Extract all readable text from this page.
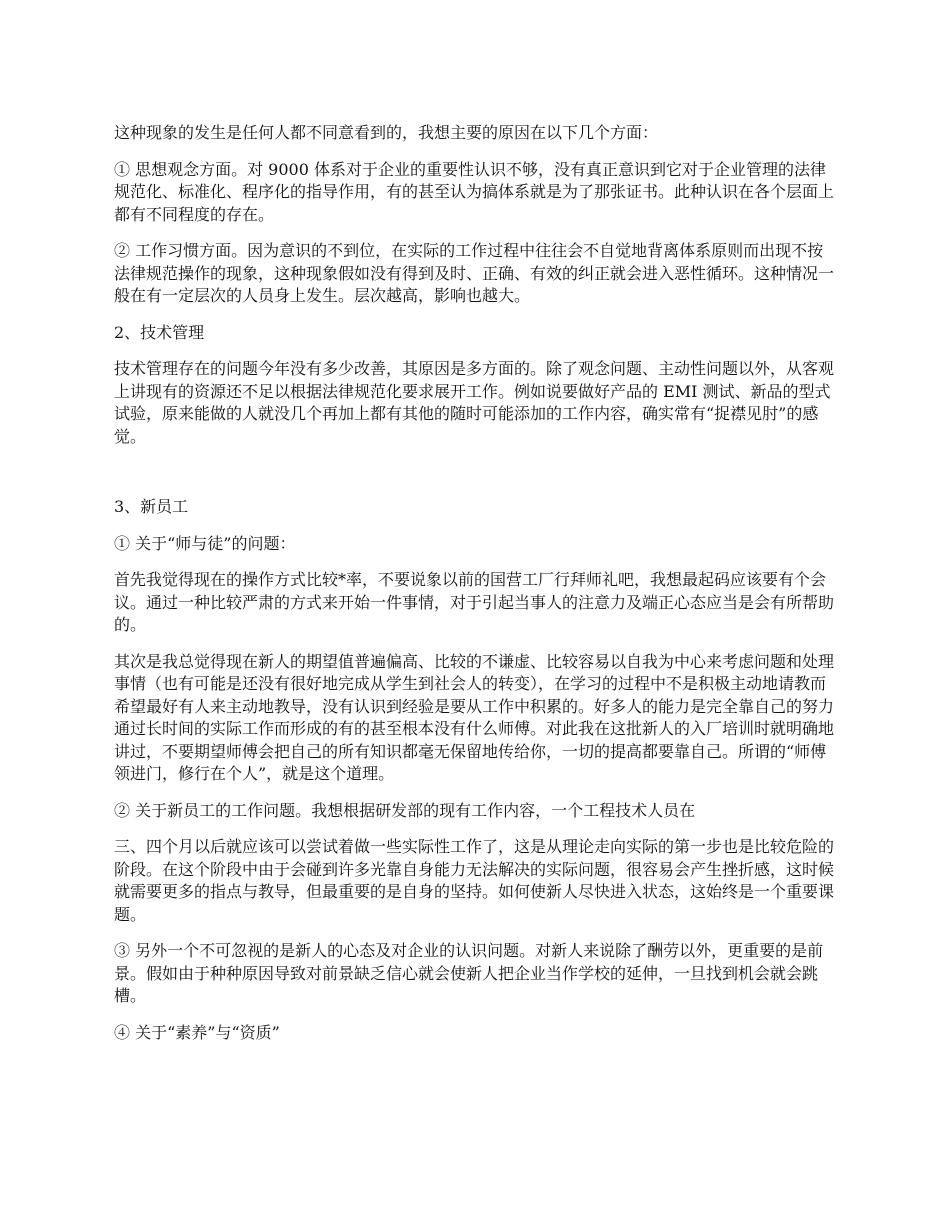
这种现象的发生是任何人都不同意看到的，我想主要的原因在以下几个方面：

① 思想观念方面。对 9000 体系对于企业的重要性认识不够，没有真正意识到它对于企业管理的法律规范化、标准化、程序化的指导作用，有的甚至认为搞体系就是为了那张证书。此种认识在各个层面上都有不同程度的存在。

② 工作习惯方面。因为意识的不到位，在实际的工作过程中往往会不自觉地背离体系原则而出现不按法律规范操作的现象，这种现象假如没有得到及时、正确、有效的纠正就会进入恶性循环。这种情况一般在有一定层次的人员身上发生。层次越高，影响也越大。

2、技术管理

技术管理存在的问题今年没有多少改善，其原因是多方面的。除了观念问题、主动性问题以外，从客观上讲现有的资源还不足以根据法律规范化要求展开工作。例如说要做好产品的 EMI 测试、新品的型式试验，原来能做的人就没几个再加上都有其他的随时可能添加的工作内容，确实常有“捉襟见肘”的感觉。

3、新员工

① 关于“师与徒”的问题：

首先我觉得现在的操作方式比较*率，不要说象以前的国营工厂行拜师礼吧，我想最起码应该要有个会议。通过一种比较严肃的方式来开始一件事情，对于引起当事人的注意力及端正心态应当是会有所帮助的。

其次是我总觉得现在新人的期望值普遍偏高、比较的不谦虚、比较容易以自我为中心来考虑问题和处理事情（也有可能是还没有很好地完成从学生到社会人的转变），在学习的过程中不是积极主动地请教而希望最好有人来主动地教导，没有认识到经验是要从工作中积累的。好多人的能力是完全靠自己的努力通过长时间的实际工作而形成的有的甚至根本没有什么师傅。对此我在这批新人的入厂培训时就明确地讲过，不要期望师傅会把自己的所有知识都毫无保留地传给你，一切的提高都要靠自己。所谓的“师傅领进门，修行在个人”，就是这个道理。

② 关于新员工的工作问题。我想根据研发部的现有工作内容，一个工程技术人员在

三、四个月以后就应该可以尝试着做一些实际性工作了，这是从理论走向实际的第一步也是比较危险的阶段。在这个阶段中由于会碰到许多光靠自身能力无法解决的实际问题，很容易会产生挫折感，这时候就需要更多的指点与教导，但最重要的是自身的坚持。如何使新人尽快进入状态，这始终是一个重要课题。

③ 另外一个不可忽视的是新人的心态及对企业的认识问题。对新人来说除了酬劳以外，更重要的是前景。假如由于种种原因导致对前景缺乏信心就会使新人把企业当作学校的延伸，一旦找到机会就会跳槽。

④ 关于“素养”与“资质”
